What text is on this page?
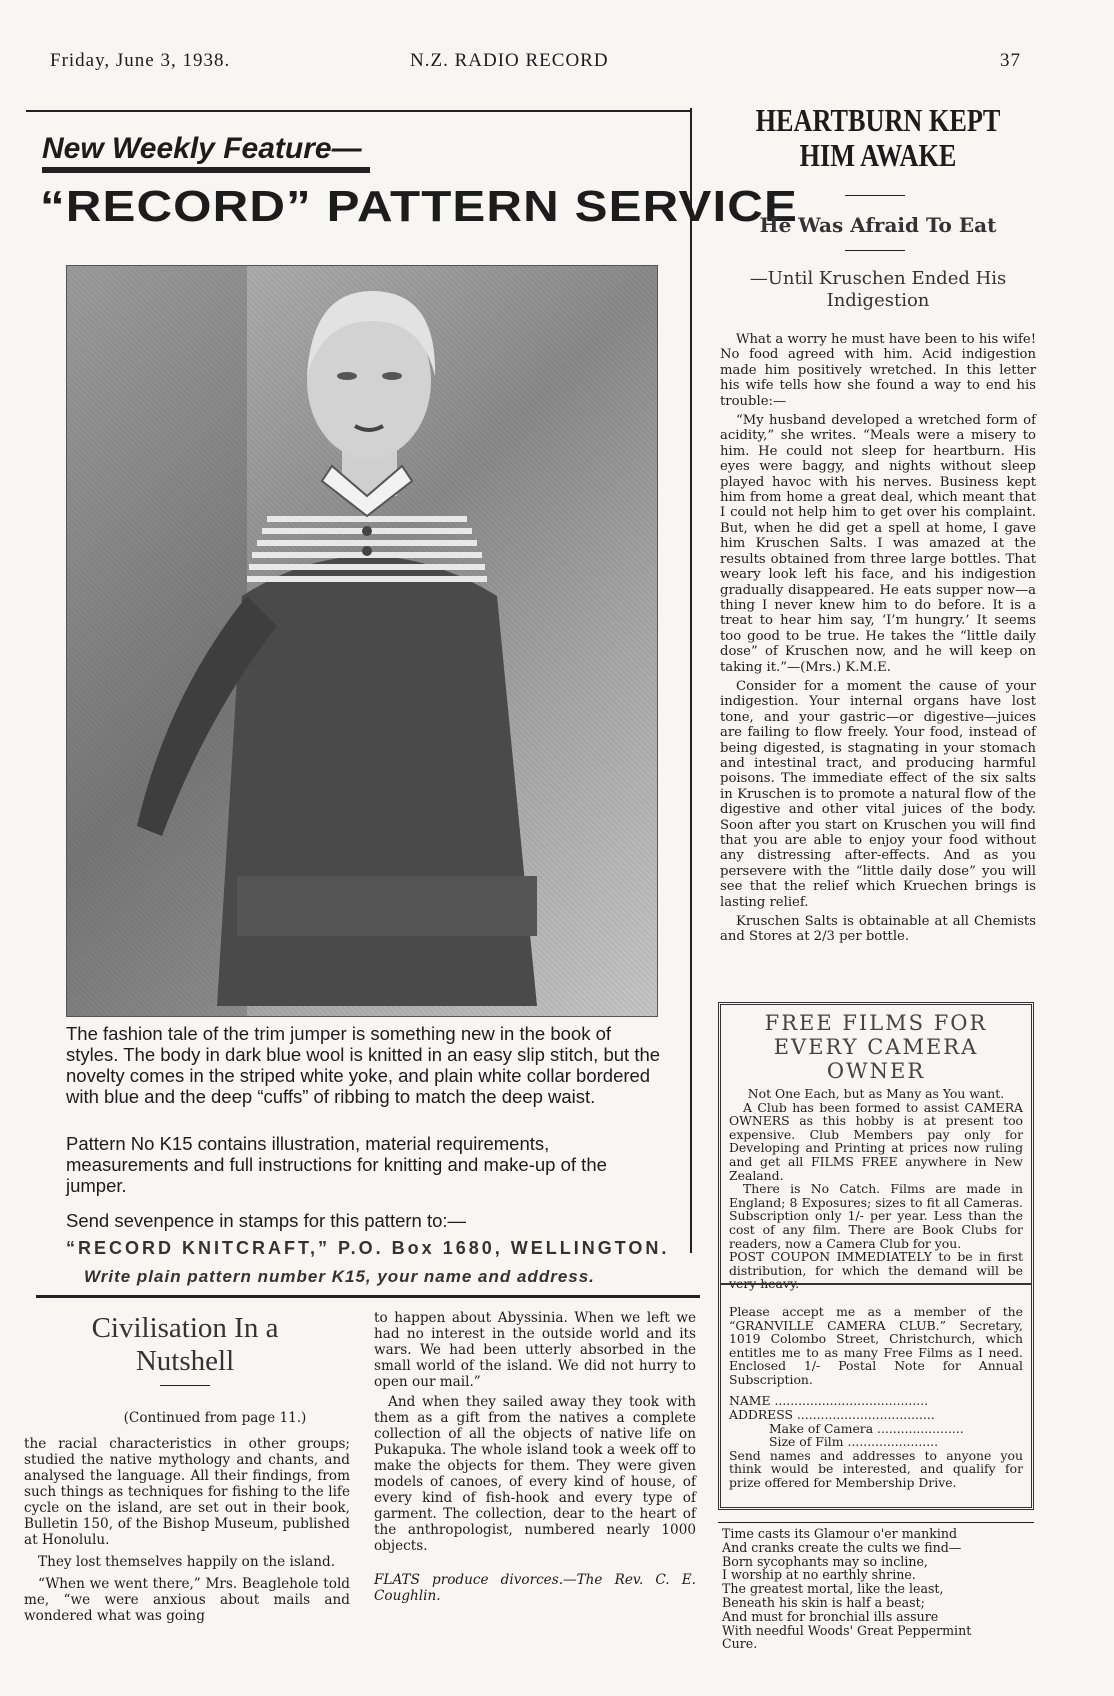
Friday, June 3, 1938.	N.Z. RADIO RECORD	37
New Weekly Feature—
“RECORD” PATTERN SERVICE
The fashion tale of the trim jumper is something new in the book of styles. The body in dark blue wool is knitted in an easy slip stitch, but the novelty comes in the striped white yoke, and plain white collar bordered with blue and the deep “cuffs” of ribbing to match the deep waist.
Pattern No K15 contains illustration, material requirements, measurements and full instructions for knitting and make-up of the jumper.
Send sevenpence in stamps for this pattern to:—
“RECORD KNITCRAFT,” P.O. Box 1680, WELLINGTON.
Write plain pattern number K15, your name and address.
HEARTBURN KEPT HIM AWAKE
He Was Afraid To Eat
—Until Kruschen Ended His Indigestion

What a worry he must have been to his wife! No food agreed with him. Acid indigestion made him positively wretched. In this letter his wife tells how she found a way to end his trouble:—

“My husband developed a wretched form of acidity,” she writes. “Meals were a misery to him. He could not sleep for heartburn. His eyes were baggy, and nights without sleep played havoc with his nerves. Business kept him from home a great deal, which meant that I could not help him to get over his complaint. But, when he did get a spell at home, I gave him Kruschen Salts. I was amazed at the results obtained from three large bottles. That weary look left his face, and his indigestion gradually disappeared. He eats supper now—a thing I never knew him to do before. It is a treat to hear him say, ‘I’m hungry.’ It seems too good to be true. He takes the “little daily dose” of Kruschen now, and he will keep on taking it.”—(Mrs.) K.M.E.

Consider for a moment the cause of your indigestion. Your internal organs have lost tone, and your gastric—or digestive—juices are failing to flow freely. Your food, instead of being digested, is stagnating in your stomach and intestinal tract, and producing harmful poisons. The immediate effect of the six salts in Kruschen is to promote a natural flow of the digestive and other vital juices of the body. Soon after you start on Kruschen you will find that you are able to enjoy your food without any distressing after-effects. And as you persevere with the “little daily dose” you will see that the relief which Kruechen brings is lasting relief.

Kruschen Salts is obtainable at all Chemists and Stores at 2/3 per bottle.

FREE FILMS FOR EVERY CAMERA OWNER
Not One Each, but as Many as You want.
A Club has been formed to assist CAMERA OWNERS as this hobby is at present too expensive. Club Members pay only for Developing and Printing at prices now ruling and get all FILMS FREE anywhere in New Zealand.
There is No Catch. Films are made in England; 8 Exposures; sizes to fit all Cameras. Subscription only 1/- per year. Less than the cost of any film. There are Book Clubs for readers, now a Camera Club for you.
POST COUPON IMMEDIATELY to be in first distribution, for which the demand will be very heavy.
Please accept me as a member of the “GRANVILLE CAMERA CLUB.” Secretary, 1019 Colombo Street, Christchurch, which entitles me to as many Free Films as I need. Enclosed 1/- Postal Note for Annual Subscription.
NAME .......................................
ADDRESS ...................................
Make of Camera ......................
Size of Film .......................
Send names and addresses to anyone you think would be interested, and qualify for prize offered for Membership Drive.
Time casts its Glamour o'er mankind
And cranks create the cults we find—
Born sycophants may so incline,
I worship at no earthly shrine.
The greatest mortal, like the least,
Beneath his skin is half a beast;
And must for bronchial ills assure
With needful Woods' Great Peppermint
Cure.
Civilisation In a Nutshell
(Continued from page 11.)
the racial characteristics in other groups; studied the native mythology and chants, and analysed the language. All their findings, from such things as techniques for fishing to the life cycle on the island, are set out in their book, Bulletin 150, of the Bishop Museum, published at Honolulu.
They lost themselves happily on the island.
“When we went there,” Mrs. Beaglehole told me, “we were anxious about mails and wondered what was going
to happen about Abyssinia. When we left we had no interest in the outside world and its wars. We had been utterly absorbed in the small world of the island. We did not hurry to open our mail.”
And when they sailed away they took with them as a gift from the natives a complete collection of all the objects of native life on Pukapuka. The whole island took a week off to make the objects for them. They were given models of canoes, of every kind of house, of every kind of fish-hook and every type of garment. The collection, dear to the heart of the anthropologist, numbered nearly 1000 objects.
FLATS produce divorces.—The Rev. C. E. Coughlin.
